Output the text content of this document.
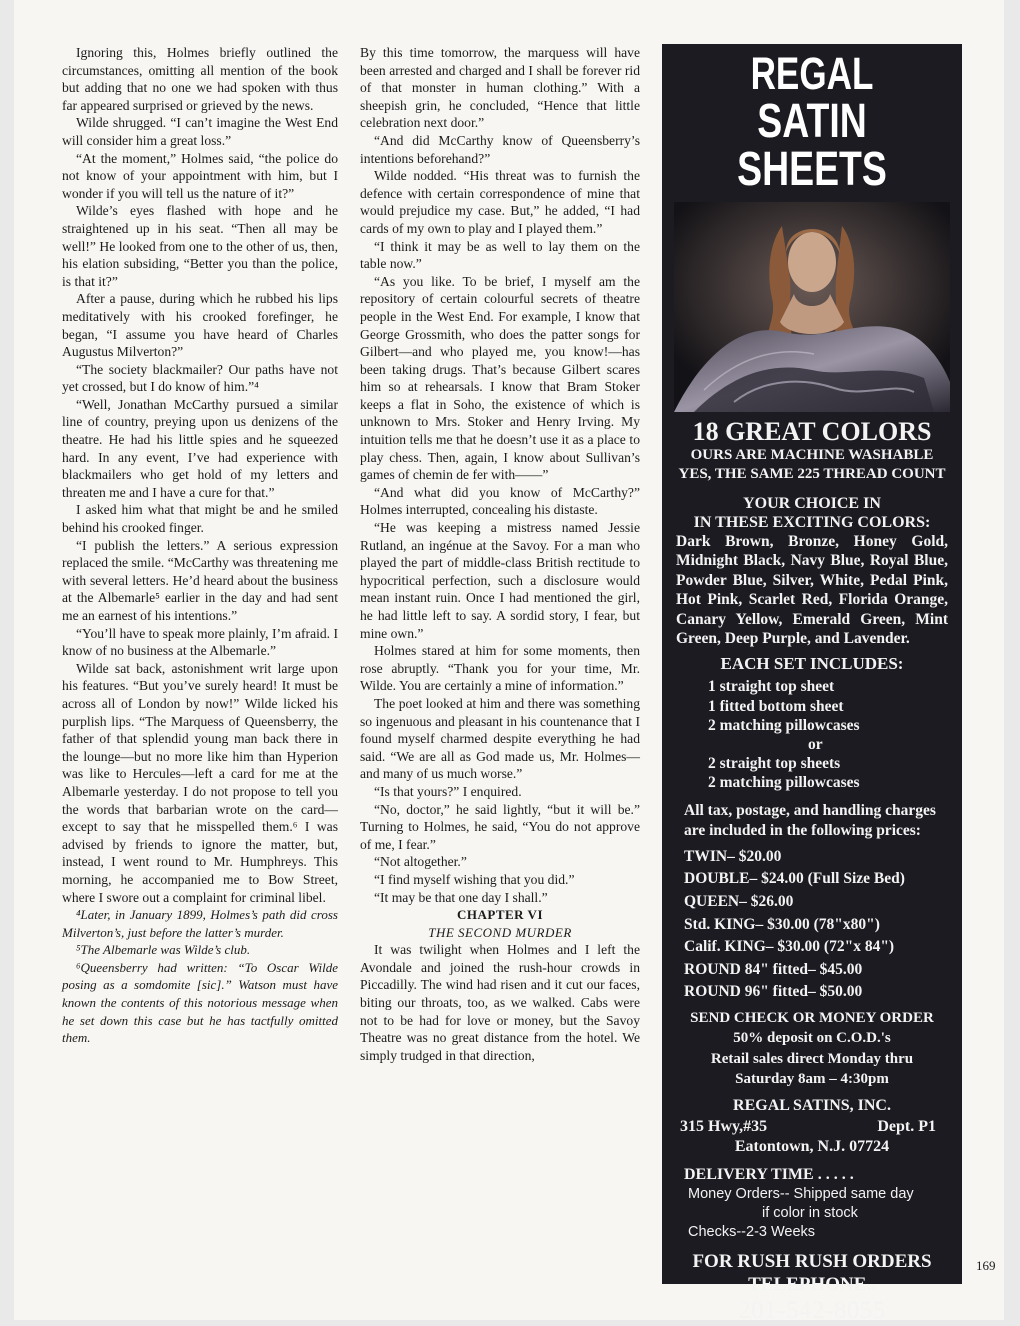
Ignoring this, Holmes briefly outlined the circumstances, omitting all mention of the book but adding that no one we had spoken with thus far appeared surprised or grieved by the news.

Wilde shrugged. “I can’t imagine the West End will consider him a great loss.”

“At the moment,” Holmes said, “the police do not know of your appointment with him, but I wonder if you will tell us the nature of it?”

Wilde’s eyes flashed with hope and he straightened up in his seat. “Then all may be well!” He looked from one to the other of us, then, his elation subsiding, “Better you than the police, is that it?”

After a pause, during which he rubbed his lips meditatively with his crooked forefinger, he began, “I assume you have heard of Charles Augustus Milverton?”

“The society blackmailer? Our paths have not yet crossed, but I do know of him.”⁴

“Well, Jonathan McCarthy pursued a similar line of country, preying upon us denizens of the theatre. He had his little spies and he squeezed hard. In any event, I’ve had experience with blackmailers who get hold of my letters and threaten me and I have a cure for that.”

I asked him what that might be and he smiled behind his crooked finger.

“I publish the letters.” A serious expression replaced the smile. “McCarthy was threatening me with several letters. He’d heard about the business at the Albemarle⁵ earlier in the day and had sent me an earnest of his intentions.”

“You’ll have to speak more plainly, I’m afraid. I know of no business at the Albemarle.”

Wilde sat back, astonishment writ large upon his features. “But you’ve surely heard! It must be across all of London by now!” Wilde licked his purplish lips. “The Marquess of Queensberry, the father of that splendid young man back there in the lounge—but no more like him than Hyperion was like to Hercules—left a card for me at the Albemarle yesterday. I do not propose to tell you the words that barbarian wrote on the card—except to say that he misspelled them.⁶ I was advised by friends to ignore the matter, but, instead, I went round to Mr. Humphreys. This morning, he accompanied me to Bow Street, where I swore out a complaint for criminal libel.

⁴Later, in January 1899, Holmes’s path did cross Milverton’s, just before the latter’s murder.

⁵The Albemarle was Wilde’s club.

⁶Queensberry had written: “To Oscar Wilde posing as a somdomite [sic].” Watson must have known the contents of this notorious message when he set down this case but he has tactfully omitted them.

By this time tomorrow, the marquess will have been arrested and charged and I shall be forever rid of that monster in human clothing.” With a sheepish grin, he concluded, “Hence that little celebration next door.”

“And did McCarthy know of Queensberry’s intentions beforehand?”

Wilde nodded. “His threat was to furnish the defence with certain correspondence of mine that would prejudice my case. But,” he added, “I had cards of my own to play and I played them.”

“I think it may be as well to lay them on the table now.”

“As you like. To be brief, I myself am the repository of certain colourful secrets of theatre people in the West End. For example, I know that George Grossmith, who does the patter songs for Gilbert—and who played me, you know!—has been taking drugs. That’s because Gilbert scares him so at rehearsals. I know that Bram Stoker keeps a flat in Soho, the existence of which is unknown to Mrs. Stoker and Henry Irving. My intuition tells me that he doesn’t use it as a place to play chess. Then, again, I know about Sullivan’s games of chemin de fer with——”

“And what did you know of McCarthy?” Holmes interrupted, concealing his distaste.

“He was keeping a mistress named Jessie Rutland, an ingénue at the Savoy. For a man who played the part of middle-class British rectitude to hypocritical perfection, such a disclosure would mean instant ruin. Once I had mentioned the girl, he had little left to say. A sordid story, I fear, but mine own.”

Holmes stared at him for some moments, then rose abruptly. “Thank you for your time, Mr. Wilde. You are certainly a mine of information.”

The poet looked at him and there was something so ingenuous and pleasant in his countenance that I found myself charmed despite everything he had said. “We are all as God made us, Mr. Holmes—and many of us much worse.”

“Is that yours?” I enquired.

“No, doctor,” he said lightly, “but it will be.” Turning to Holmes, he said, “You do not approve of me, I fear.”

“Not altogether.”

“I find myself wishing that you did.”

“It may be that one day I shall.”

CHAPTER VI

THE SECOND MURDER

It was twilight when Holmes and I left the Avondale and joined the rush-hour crowds in Piccadilly. The wind had risen and it cut our faces, biting our throats, too, as we walked. Cabs were not to be had for love or money, but the Savoy Theatre was no great distance from the hotel. We simply trudged in that direction,

REGAL
SATIN SHEETS
18 GREAT COLORS
OURS ARE MACHINE WASHABLE
YES, THE SAME 225 THREAD COUNT
YOUR CHOICE IN
IN THESE EXCITING COLORS:
Dark Brown, Bronze, Honey Gold, Midnight Black, Navy Blue, Royal Blue, Powder Blue, Silver, White, Pedal Pink, Hot Pink, Scarlet Red, Florida Orange, Canary Yellow, Emerald Green, Mint Green, Deep Purple, and Lavender.
EACH SET INCLUDES:
1 straight top sheet
1 fitted bottom sheet
2 matching pillowcases
or
2 straight top sheets
2 matching pillowcases
All tax, postage, and handling charges are included in the following prices:
TWIN– $20.00
DOUBLE– $24.00 (Full Size Bed)
QUEEN– $26.00
Std. KING– $30.00 (78"x80")
Calif. KING– $30.00 (72"x 84")
ROUND 84" fitted– $45.00
ROUND 96" fitted– $50.00
SEND CHECK OR MONEY ORDER
50% deposit on C.O.D.'s
Retail sales direct Monday thru
Saturday 8am – 4:30pm
REGAL SATINS, INC.
315 Hwy,#35	Dept. P1
Eatontown, N.J. 07724
DELIVERY TIME . . . . .
Money Orders-- Shipped same day
if color in stock
Checks--2-3 Weeks
FOR RUSH RUSH ORDERS
TELEPHONE..
201-542-8055
169
